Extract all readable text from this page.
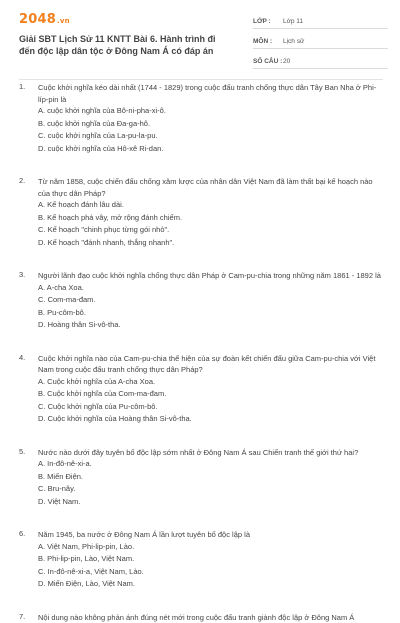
2048.vn
Giải SBT Lịch Sử 11 KNTT Bài 6. Hành trình đi đến độc lập dân tộc ở Đông Nam Á có đáp án
LỚP :	Lớp 11
MÔN :	Lịch sử
SỐ CÂU : 20
1.	Cuộc khởi nghĩa kéo dài nhất (1744 - 1829) trong cuộc đấu tranh chống thực dân Tây Ban Nha ở Phi-líp-pin là
A. cuộc khởi nghĩa của Bô-ni-pha-xi-ô.
B. cuộc khởi nghĩa của Đa-ga-hô.
C. cuộc khởi nghĩa của La-pu-la-pu.
D. cuộc khởi nghĩa của Hô-xê Ri-dan.
2.	Từ năm 1858, cuộc chiến đấu chống xâm lược của nhân dân Việt Nam đã làm thất bại kế hoạch nào của thực dân Pháp?
A. Kế hoạch đánh lâu dài.
B. Kế hoạch phá vây, mở rộng đánh chiếm.
C. Kế hoạch "chinh phục từng gói nhỏ".
D. Kế hoạch "đánh nhanh, thắng nhanh".
3.	Người lãnh đạo cuộc khởi nghĩa chống thực dân Pháp ở Cam-pu-chia trong những năm 1861 - 1892 là
A. A-cha Xoa.
C. Com-ma-đam.
B. Pu-côm-bô.
D. Hoàng thân Si-vô-tha.
4.	Cuộc khởi nghĩa nào của Cam-pu-chia thể hiện của sự đoàn kết chiến đấu giữa Cam-pu-chia với Việt Nam trong cuộc đấu tranh chống thực dân Pháp?
A. Cuộc khởi nghĩa của A-cha Xoa.
B. Cuộc khởi nghĩa của Com-ma-đam.
C. Cuộc khởi nghĩa của Pu-côm-bô.
D. Cuộc khởi nghĩa của Hoàng thân Si-vô-tha.
5.	Nước nào dưới đây tuyên bố độc lập sớm nhất ở Đông Nam Á sau Chiến tranh thế giới thứ hai?
A. In-đô-nê-xi-a.
B. Miến Điện.
C. Bru-nây.
D. Việt Nam.
6.	Năm 1945, ba nước ở Đông Nam Á lần lượt tuyên bố độc lập là
A. Việt Nam, Phi-lip-pin, Lào.
B. Phi-lip-pin, Lào, Việt Nam.
C. In-đô-nê-xi-a, Việt Nam, Lào.
D. Miến Điện, Lào, Việt Nam.
7.	Nội dung nào không phản ánh đúng nét mới trong cuộc đấu tranh giành độc lập ở Đông Nam Á
